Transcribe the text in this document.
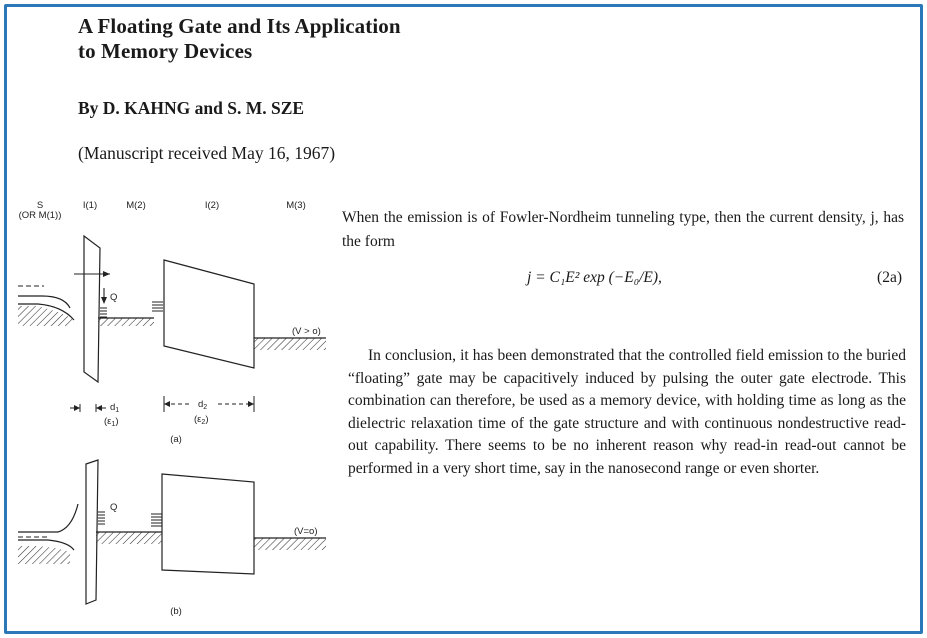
A Floating Gate and Its Application
to Memory Devices

By D. KAHNG and S. M. SZE

(Manuscript received May 16, 1967)

S
(OR M(1))
I(1)	M(2)	I(2)	M(3)
Q
(V > o)
$d_1$
$(\varepsilon_1)$
$d_2$
$(\varepsilon_2)$
(a)
Q
(V=o)
(b)

When the emission is of Fowler-Nordheim tunneling type, then the current density, j, has the form

j = C₁E² exp (−E₀/E),	(2a)

In conclusion, it has been demonstrated that the controlled field emission to the buried “floating” gate may be capacitively induced by pulsing the outer gate electrode. This combination can therefore, be used as a memory device, with holding time as long as the dielectric relaxation time of the gate structure and with continuous nondestructive read-out capability. There seems to be no inherent reason why read-in read-out cannot be performed in a very short time, say in the nanosecond range or even shorter.
